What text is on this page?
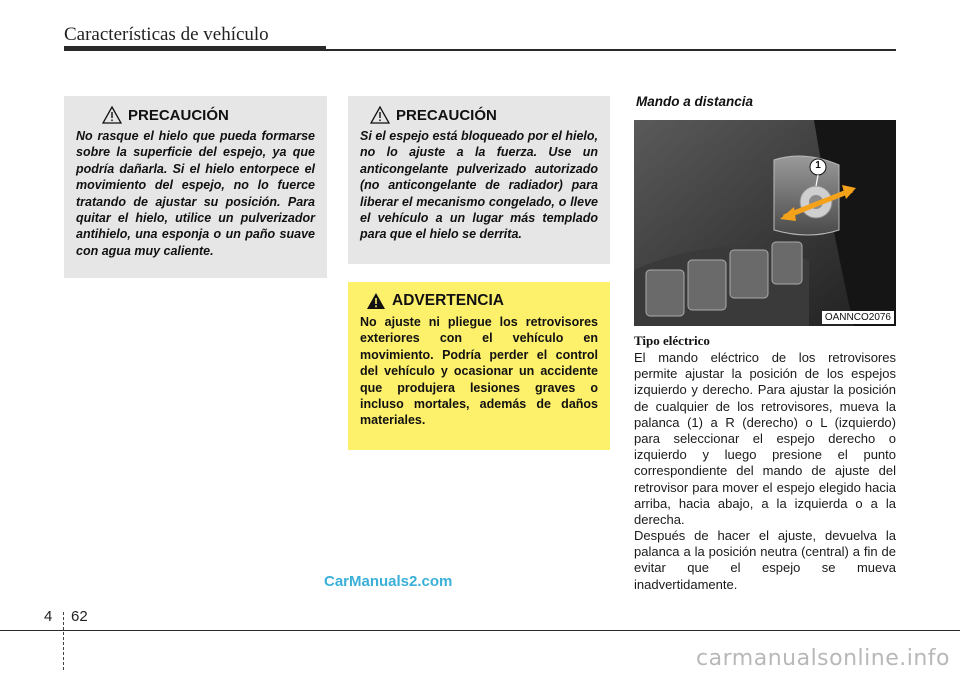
Características de vehículo
PRECAUCIÓN
No rasque el hielo que pueda formarse sobre la superficie del espejo, ya que podría dañarla. Si el hielo entorpece el movimiento del espejo, no lo fuerce tratando de ajustar su posición. Para quitar el hielo, utilice un pulverizador antihielo, una esponja o un paño suave con agua muy caliente.
PRECAUCIÓN
Si el espejo está bloqueado por el hielo, no lo ajuste a la fuerza. Use un anticongelante pulverizado autorizado (no anticongelante de radiador) para liberar el mecanismo congelado, o lleve el vehículo a un lugar más templado para que el hielo se derrita.
ADVERTENCIA
No ajuste ni pliegue los retrovisores exteriores con el vehículo en movimiento. Podría perder el control del vehículo y ocasionar un accidente que produjera lesiones graves o incluso mortales, además de daños materiales.
Mando a distancia
1
OANNCO2076
Tipo eléctrico
El mando eléctrico de los retrovisores permite ajustar la posición de los espejos izquierdo y derecho. Para ajustar la posición de cualquier de los retrovisores, mueva la palanca (1) a R (derecho) o L (izquierdo) para seleccionar el espejo derecho o izquierdo y luego presione el punto correspondiente del mando de ajuste del retrovisor para mover el espejo elegido hacia arriba, hacia abajo, a la izquierda o a la derecha.
Después de hacer el ajuste, devuelva la palanca a la posición neutra (central) a fin de evitar que el espejo se mueva inadvertidamente.
CarManuals2.com
4 62
carmanualsonline.info
